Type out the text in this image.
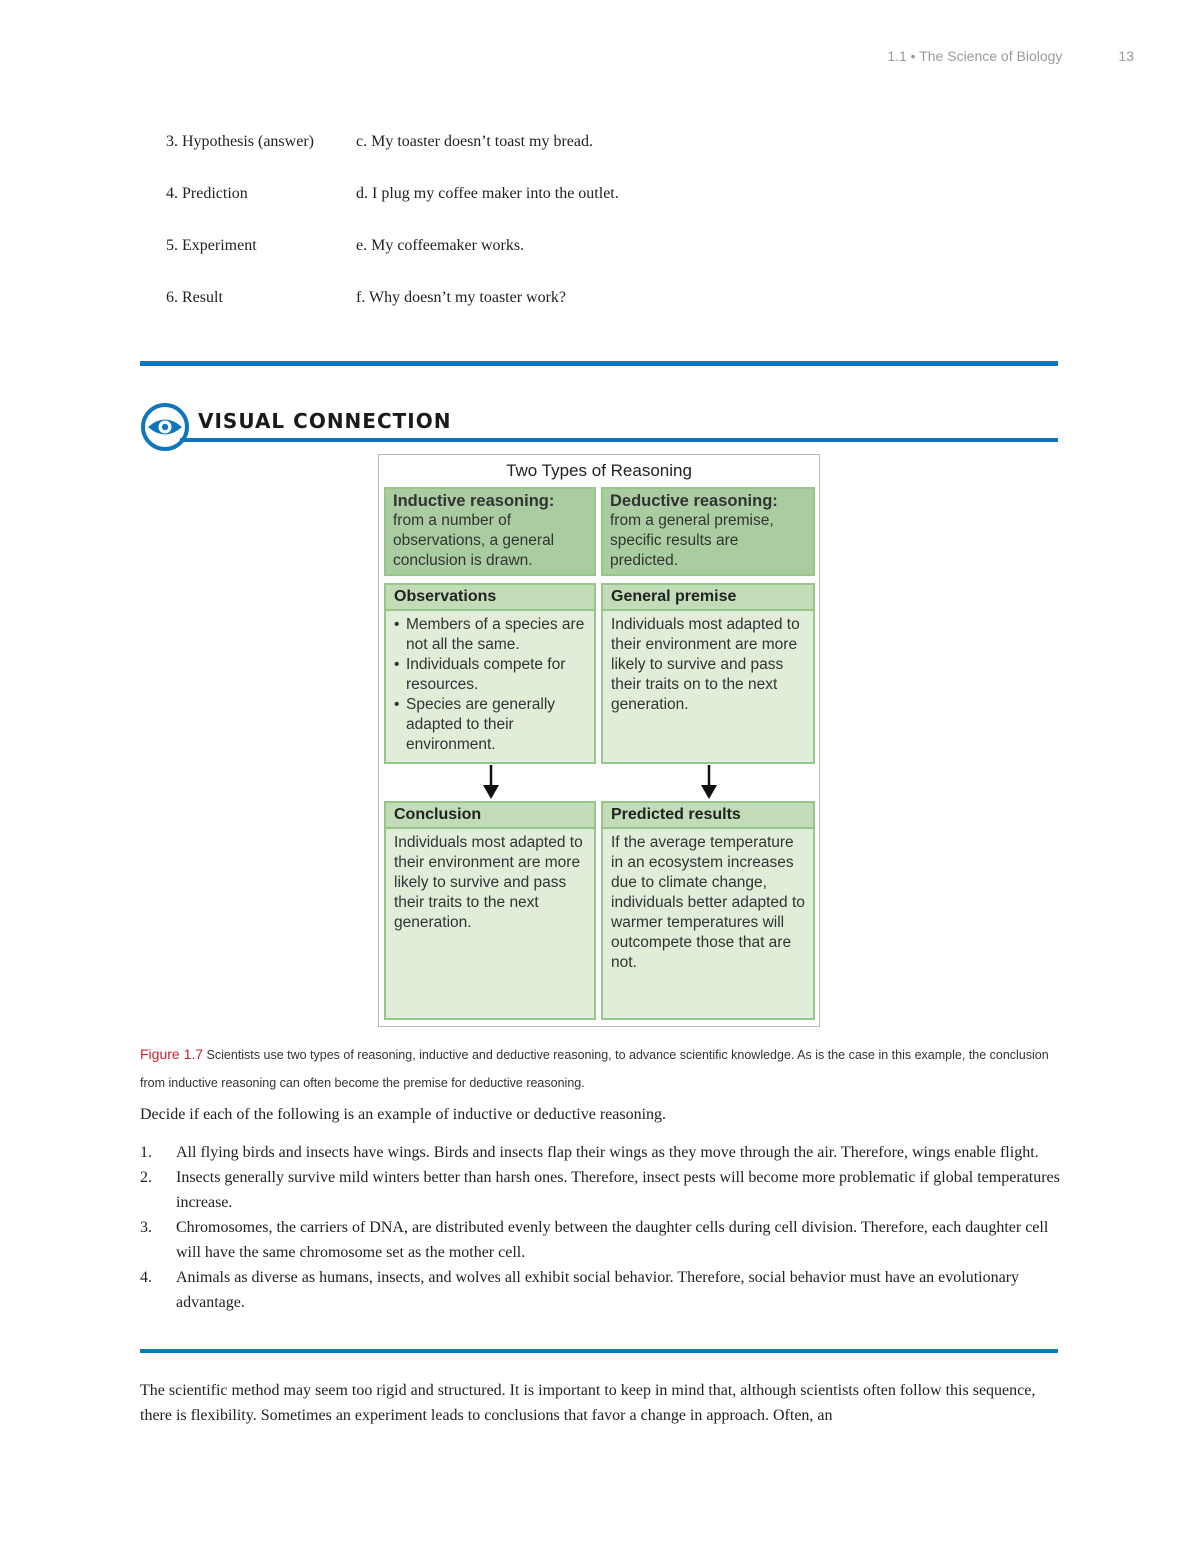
1.1 • The Science of Biology	13
3. Hypothesis (answer)	c. My toaster doesn’t toast my bread.
4. Prediction	d. I plug my coffee maker into the outlet.
5. Experiment	e. My coffeemaker works.
6. Result	f. Why doesn’t my toaster work?
VISUAL CONNECTION
Two Types of Reasoning
Inductive reasoning:
from a number of observations, a general conclusion is drawn.
Deductive reasoning:
from a general premise, specific results are predicted.
Observations
• Members of a species are not all the same.
• Individuals compete for resources.
• Species are generally adapted to their environment.
General premise
Individuals most adapted to their environment are more likely to survive and pass their traits on to the next generation.
Conclusion
Individuals most adapted to their environment are more likely to survive and pass their traits to the next generation.
Predicted results
If the average temperature in an ecosystem increases due to climate change, individuals better adapted to warmer temperatures will outcompete those that are not.
Figure 1.7 Scientists use two types of reasoning, inductive and deductive reasoning, to advance scientific knowledge. As is the case in this example, the conclusion from inductive reasoning can often become the premise for deductive reasoning.
Decide if each of the following is an example of inductive or deductive reasoning.
1.	All flying birds and insects have wings. Birds and insects flap their wings as they move through the air. Therefore, wings enable flight.
2.	Insects generally survive mild winters better than harsh ones. Therefore, insect pests will become more problematic if global temperatures increase.
3.	Chromosomes, the carriers of DNA, are distributed evenly between the daughter cells during cell division. Therefore, each daughter cell will have the same chromosome set as the mother cell.
4.	Animals as diverse as humans, insects, and wolves all exhibit social behavior. Therefore, social behavior must have an evolutionary advantage.
The scientific method may seem too rigid and structured. It is important to keep in mind that, although scientists often follow this sequence, there is flexibility. Sometimes an experiment leads to conclusions that favor a change in approach. Often, an
